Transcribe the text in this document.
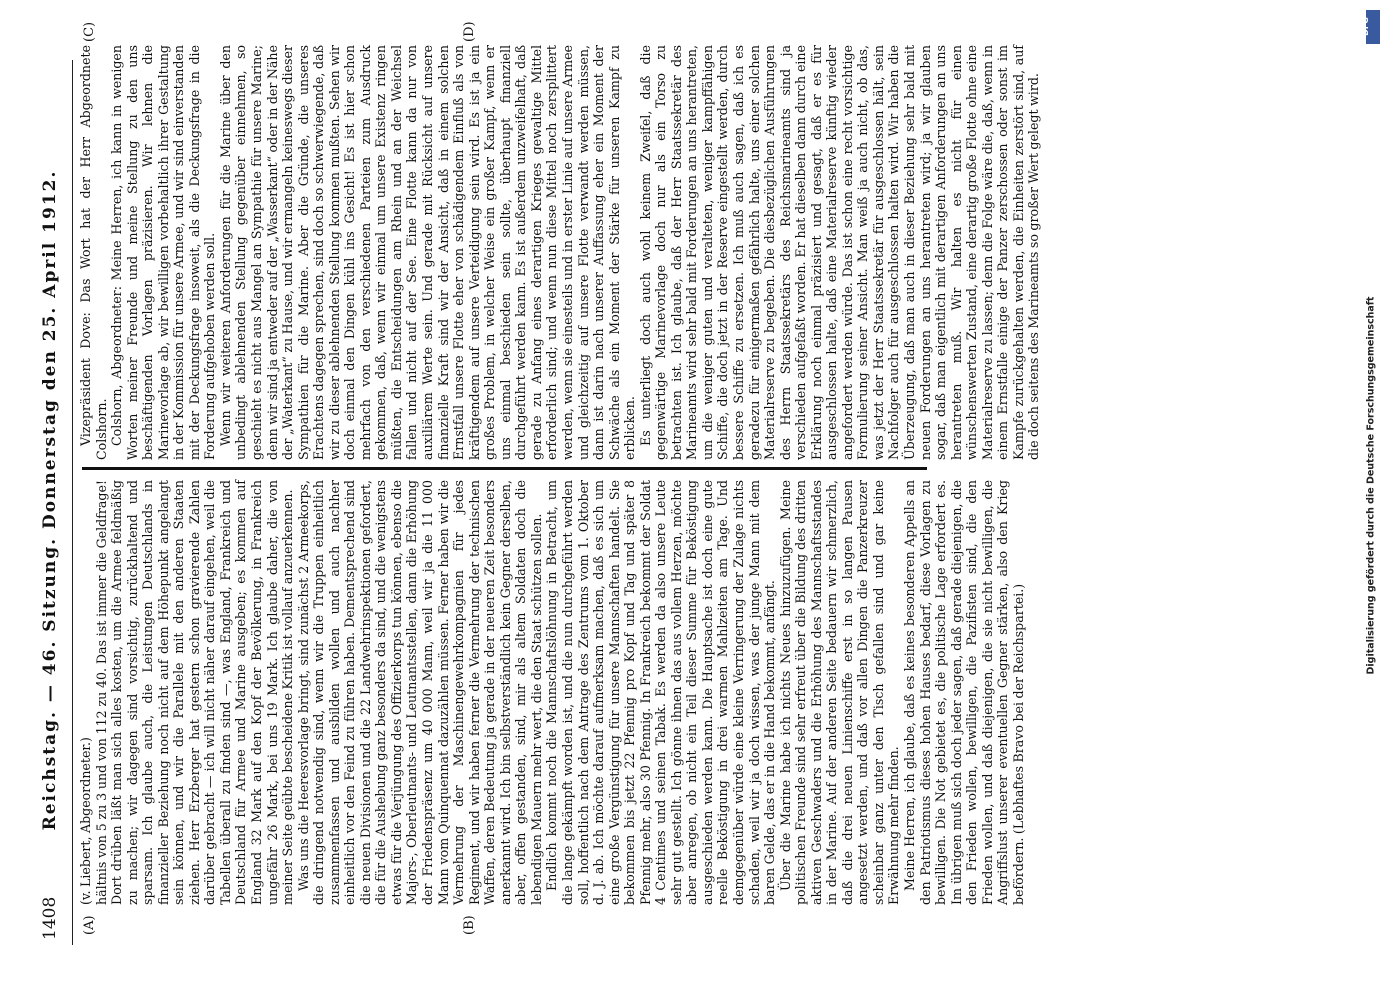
1408
Reichstag. — 46. Sitzung. Donnerstag den 25. April 1912.
(A)	(B)
(C)	(D)

(v. Liebert, Abgeordneter.) hältnis von 5 zu 3 und von 112 zu 40. Das ist immer die Geldfrage! Dort drüben läßt man sich alles kosten, um die Armee feldmäßig zu machen; wir dagegen sind vorsichtig, zurückhaltend und sparsam. Ich glaube auch, die Leistungen Deutschlands in finanzieller Beziehung noch nicht auf dem Höhepunkt angelangt sein können, und wir die Parallele mit den anderen Staaten ziehen. Herr Erzberger hat gestern schon gravierende Zahlen darüber gebracht — ich will nicht näher darauf eingehen, weil die Tabellen überall zu finden sind —, was England, Frankreich und Deutschland für Armee und Marine ausgeben; es kommen auf England 32 Mark auf den Kopf der Bevölkerung, in Frankreich ungefähr 26 Mark, bei uns 19 Mark. Ich glaube daher, die von meiner Seite geübte bescheidene Kritik ist vollauf anzuerkennen. Was uns die Heeresvorlage bringt, sind zunächst 2 Armeekorps, die dringend notwendig sind, wenn wir die Truppen einheitlich zusammenfassen und ausbilden wollen und auch nachher einheitlich vor den Feind zu führen haben. Dementsprechend sind die neuen Divisionen und die 22 Landwehrinspektionen gefordert, die für die Aushebung ganz besonders da sind, und die wenigstens etwas für die Verjüngung des Offizierkorps tun können, ebenso die Majors-, Oberleutnants- und Leutnantsstellen, dann die Erhöhung der Friedenspräsenz um 40 000 Mann, weil wir ja die 11 000 Mann vom Quinquennat dazuzählen müssen. Ferner haben wir die Vermehrung der Maschinengewehrkompagnien für jedes Regiment, und wir haben ferner die Vermehrung der technischen Waffen, deren Bedeutung ja gerade in der neueren Zeit besonders anerkannt wird. Ich bin selbstverständlich kein Gegner derselben, aber, offen gestanden, sind, mir als altem Soldaten doch die lebendigen Mauern mehr wert, die den Staat schützen sollen. Endlich kommt noch die Mannschaftslöhnung in Betracht, um die lange gekämpft worden ist, und die nun durchgeführt werden soll, hoffentlich nach dem Antrage des Zentrums vom 1. Oktober d. J. ab. Ich möchte darauf aufmerksam machen, daß es sich um eine große Vergünstigung für unsere Mannschaften handelt. Sie bekommen bis jetzt 22 Pfennig pro Kopf und Tag und später 8 Pfennig mehr, also 30 Pfennig. In Frankreich bekommt der Soldat 4 Centimes und seinen Tabak. Es werden da also unsere Leute sehr gut gestellt. Ich gönne ihnen das aus vollem Herzen, möchte aber anregen, ob nicht ein Teil dieser Summe für Beköstigung ausgeschieden werden kann. Die Hauptsache ist doch eine gute reelle Beköstigung in drei warmen Mahlzeiten am Tage. Und demgegenüber würde eine kleine Verringerung der Zulage nichts schaden, weil wir ja doch wissen, was der junge Mann mit dem baren Gelde, das er in die Hand bekommt, anfängt. Über die Marine habe ich nichts Neues hinzuzufügen. Meine politischen Freunde sind sehr erfreut über die Bildung des dritten aktiven Geschwaders und die Erhöhung des Mannschaftsstandes in der Marine. Auf der anderen Seite bedauern wir schmerzlich, daß die drei neuen Linienschiffe erst in so langen Pausen angesetzt werden, und daß vor allen Dingen die Panzerkreuzer scheinbar ganz unter den Tisch gefallen sind und gar keine Erwähnung mehr finden. Meine Herren, ich glaube, daß es keines besonderen Appells an den Patriotismus dieses hohen Hauses bedarf, diese Vorlagen zu bewilligen. Die Not gebietet es, die politische Lage erfordert es. Im übrigen muß sich doch jeder sagen, daß gerade diejenigen, die den Frieden wollen, bewilligen, die Pazifisten sind, die den Frieden wollen, und daß diejenigen, die sie nicht bewilligen, die Angriffslust unserer eventuellen Gegner stärken, also den Krieg befördern. (Lebhaftes Bravo bei der Reichspartei.)

Vizepräsident Dove: Das Wort hat der Herr Abgeordnete Colshorn. Colshorn, Abgeordneter: Meine Herren, ich kann in wenigen Worten meiner Freunde und meine Stellung zu den uns beschäftigenden Vorlagen präzisieren. Wir lehnen die Marinevorlage ab, wir bewilligen vorbehaltlich ihrer Gestaltung in der Kommission für unsere Armee, und wir sind einverstanden mit der Deckungsfrage insoweit, als die Deckungsfrage in die Forderung aufgehoben werden soll. Wenn wir weiteren Anforderungen für die Marine über den unbedingt ablehnenden Stellung gegenüber einnehmen, so geschieht es nicht aus Mangel an Sympathie für unsere Marine; denn wir sind ja entweder auf der „Wasserkant“ oder in der Nähe der „Waterkant“ zu Hause, und wir ermangeln keineswegs dieser Sympathien für die Marine. Aber die Gründe, die unseres Erachtens dagegen sprechen, sind doch so schwerwiegende, daß wir zu dieser ablehnenden Stellung kommen mußten. Sehen wir doch einmal den Dingen kühl ins Gesicht! Es ist hier schon mehrfach von den verschiedenen Parteien zum Ausdruck gekommen, daß, wenn wir einmal um unsere Existenz ringen müßten, die Entscheidungen am Rhein und an der Weichsel fallen und nicht auf der See. Eine Flotte kann da nur von auxiliärem Werte sein. Und gerade mit Rücksicht auf unsere finanzielle Kraft sind wir der Ansicht, daß in einem solchen Ernstfall unsere Flotte eher von schädigendem Einfluß als von kräftigendem auf unsere Verteidigung sein wird. Es ist ja ein großes Problem, in welcher Weise ein großer Kampf, wenn er uns einmal beschieden sein sollte, überhaupt finanziell durchgeführt werden kann. Es ist außerdem unzweifelhaft, daß gerade zu Anfang eines derartigen Krieges gewaltige Mittel erforderlich sind; und wenn nun diese Mittel noch zersplittert werden, wenn sie einesteils und in erster Linie auf unsere Armee und gleichzeitig auf unsere Flotte verwandt werden müssen, dann ist darin nach unserer Auffassung eher ein Moment der Schwäche als ein Moment der Stärke für unseren Kampf zu erblicken. Es unterliegt doch auch wohl keinem Zweifel, daß die gegenwärtige Marinevorlage doch nur als ein Torso zu betrachten ist. Ich glaube, daß der Herr Staatssekretär des Marineamts wird sehr bald mit Forderungen an uns herantreten, um die weniger guten und veralteten, weniger kampffähigen Schiffe, die doch jetzt in der Reserve eingestellt werden, durch bessere Schiffe zu ersetzen. Ich muß auch sagen, daß ich es geradezu für einigermaßen gefährlich halte, uns einer solchen Materialreserve zu begeben. Die diesbezüglichen Ausführungen des Herrn Staatssekretärs des Reichsmarineamts sind ja verschieden aufgefaßt worden. Er hat dieselben dann durch eine Erklärung noch einmal präzisiert und gesagt, daß er es für ausgeschlossen halte, daß eine Materialreserve künftig wieder angefordert werden würde. Das ist schon eine recht vorsichtige Formulierung seiner Ansicht. Man weiß ja auch nicht, ob das, was jetzt der Herr Staatssekretär für ausgeschlossen hält, sein Nachfolger auch für ausgeschlossen halten wird. Wir haben die Überzeugung, daß man auch in dieser Beziehung sehr bald mit neuen Forderungen an uns herantreten wird; ja wir glauben sogar, daß man eigentlich mit derartigen Anforderungen an uns herantreten muß. Wir halten es nicht für einen wünschenswerten Zustand, eine derartig große Flotte ohne eine Materialreserve zu lassen; denn die Folge wäre die, daß, wenn in einem Ernstfalle einige der Panzer zerschossen oder sonst im Kampfe zurückgehalten werden, die Einheiten zerstört sind, auf die doch seitens des Marineamts so großer Wert gelegt wird.

DFG
Digitalisierung gefördert durch die Deutsche Forschungsgemeinschaft
